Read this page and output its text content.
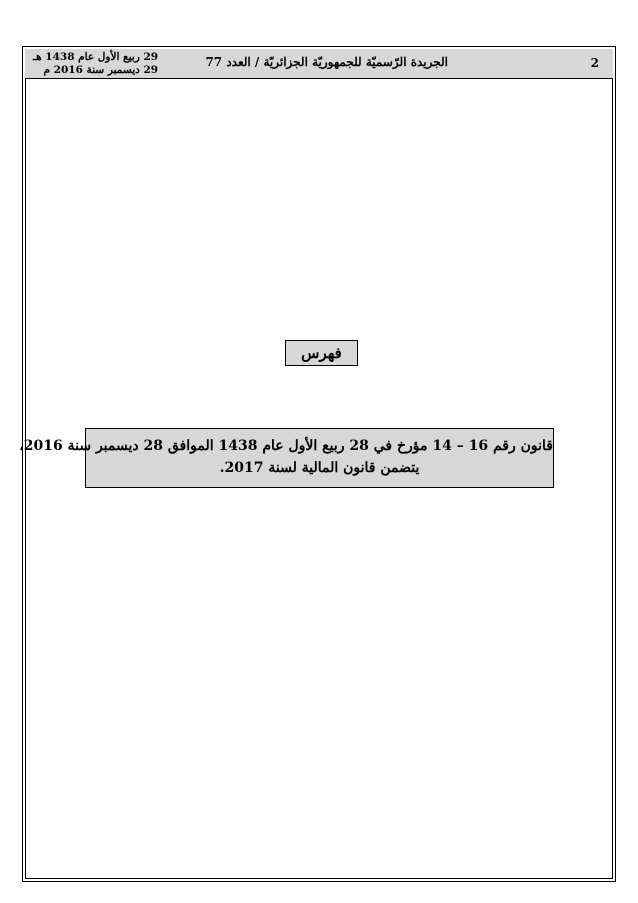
2
الجريدة الرّسميّة للجمهوريّة الجزائريّة / العدد 77
29 ربيع الأول عام 1438 هـ
29 ديسمبر سنة 2016 م
فهرس
قانون رقم 16 – 14 مؤرخ في 28 ربيع الأول عام 1438 الموافق 28 ديسمبر سنة 2016،
يتضمن قانون المالية لسنة 2017.
